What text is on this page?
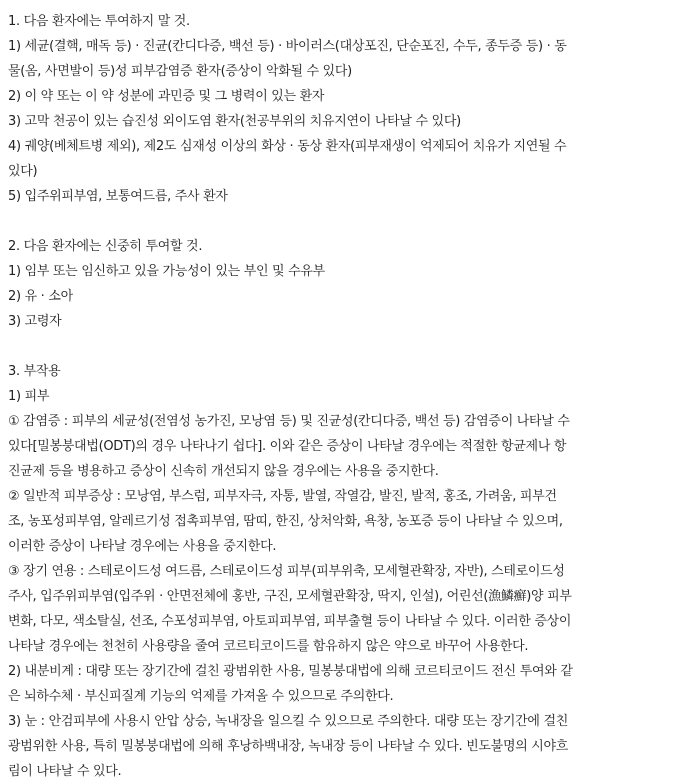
1. 다음 환자에는 투여하지 말 것.
1) 세균(결핵, 매독 등) · 진균(칸디다증, 백선 등) · 바이러스(대상포진, 단순포진, 수두, 종두증 등) · 동
물(옴, 사면발이 등)성 피부감염증 환자(증상이 악화될 수 있다)
2) 이 약 또는 이 약 성분에 과민증 및 그 병력이 있는 환자
3) 고막 천공이 있는 습진성 외이도염 환자(천공부위의 치유지연이 나타날 수 있다)
4) 궤양(베체트병 제외), 제2도 심재성 이상의 화상 · 동상 환자(피부재생이 억제되어 치유가 지연될 수
있다)
5) 입주위피부염, 보통여드름, 주사 환자
2. 다음 환자에는 신중히 투여할 것.
1) 임부 또는 임신하고 있을 가능성이 있는 부인 및 수유부
2) 유 · 소아
3) 고령자
3. 부작용
1) 피부
① 감염증 : 피부의 세균성(전염성 농가진, 모낭염 등) 및 진균성(칸디다증, 백선 등) 감염증이 나타날 수
있다[밀봉붕대법(ODT)의 경우 나타나기 쉽다]. 이와 같은 증상이 나타날 경우에는 적절한 항균제나 항
진균제 등을 병용하고 증상이 신속히 개선되지 않을 경우에는 사용을 중지한다.
② 일반적 피부증상 : 모낭염, 부스럼, 피부자극, 자통, 발열, 작열감, 발진, 발적, 홍조, 가려움, 피부건
조, 농포성피부염, 알레르기성 접촉피부염, 땀띠, 한진, 상처악화, 욕창, 농포증 등이 나타날 수 있으며,
이러한 증상이 나타날 경우에는 사용을 중지한다.
③ 장기 연용 : 스테로이드성 여드름, 스테로이드성 피부(피부위축, 모세혈관확장, 자반), 스테로이드성
주사, 입주위피부염(입주위 · 안면전체에 홍반, 구진, 모세혈관확장, 딱지, 인설), 어린선(漁鱗癬)양 피부
변화, 다모, 색소탈실, 선조, 수포성피부염, 아토피피부염, 피부출혈 등이 나타날 수 있다. 이러한 증상이
나타날 경우에는 천천히 사용량을 줄여 코르티코이드를 함유하지 않은 약으로 바꾸어 사용한다.
2) 내분비계 : 대량 또는 장기간에 걸친 광범위한 사용, 밀봉붕대법에 의해 코르티코이드 전신 투여와 같
은 뇌하수체 · 부신피질계 기능의 억제를 가져올 수 있으므로 주의한다.
3) 눈 : 안검피부에 사용시 안압 상승, 녹내장을 일으킬 수 있으므로 주의한다. 대량 또는 장기간에 걸친
광범위한 사용, 특히 밀봉붕대법에 의해 후낭하백내장, 녹내장 등이 나타날 수 있다. 빈도불명의 시야흐
림이 나타날 수 있다.
